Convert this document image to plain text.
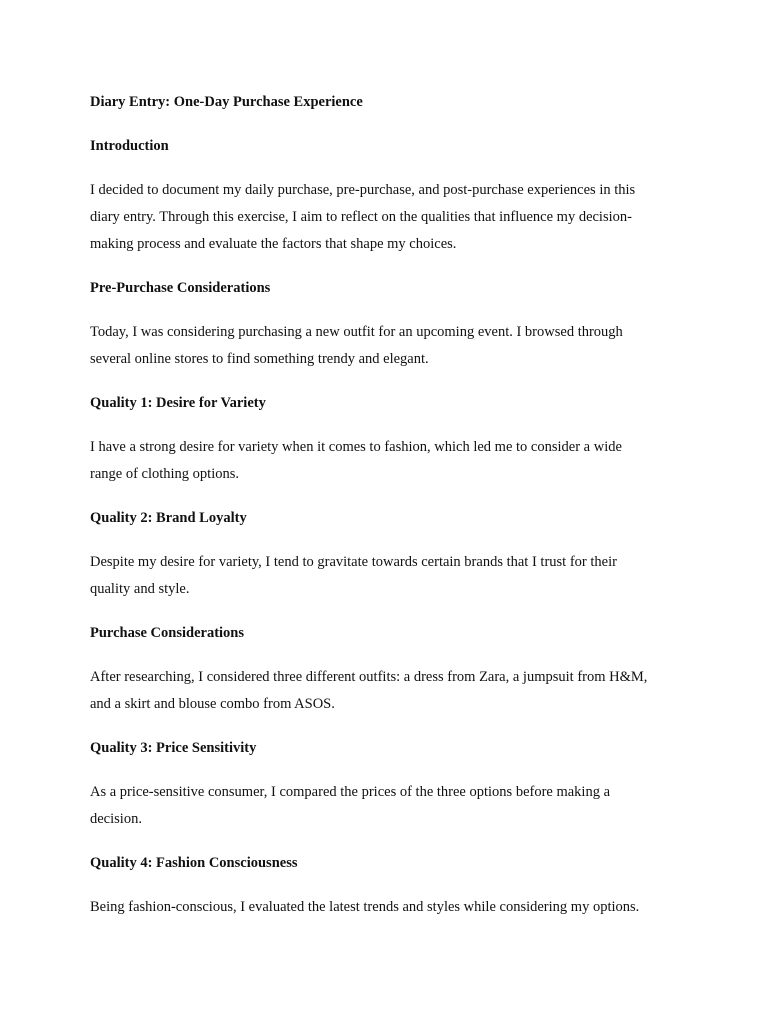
Diary Entry: One-Day Purchase Experience
Introduction
I decided to document my daily purchase, pre-purchase, and post-purchase experiences in this
diary entry. Through this exercise, I aim to reflect on the qualities that influence my decision-
making process and evaluate the factors that shape my choices.
Pre-Purchase Considerations
Today, I was considering purchasing a new outfit for an upcoming event. I browsed through
several online stores to find something trendy and elegant.
Quality 1: Desire for Variety
I have a strong desire for variety when it comes to fashion, which led me to consider a wide
range of clothing options.
Quality 2: Brand Loyalty
Despite my desire for variety, I tend to gravitate towards certain brands that I trust for their
quality and style.
Purchase Considerations
After researching, I considered three different outfits: a dress from Zara, a jumpsuit from H&M,
and a skirt and blouse combo from ASOS.
Quality 3: Price Sensitivity
As a price-sensitive consumer, I compared the prices of the three options before making a
decision.
Quality 4: Fashion Consciousness
Being fashion-conscious, I evaluated the latest trends and styles while considering my options.
